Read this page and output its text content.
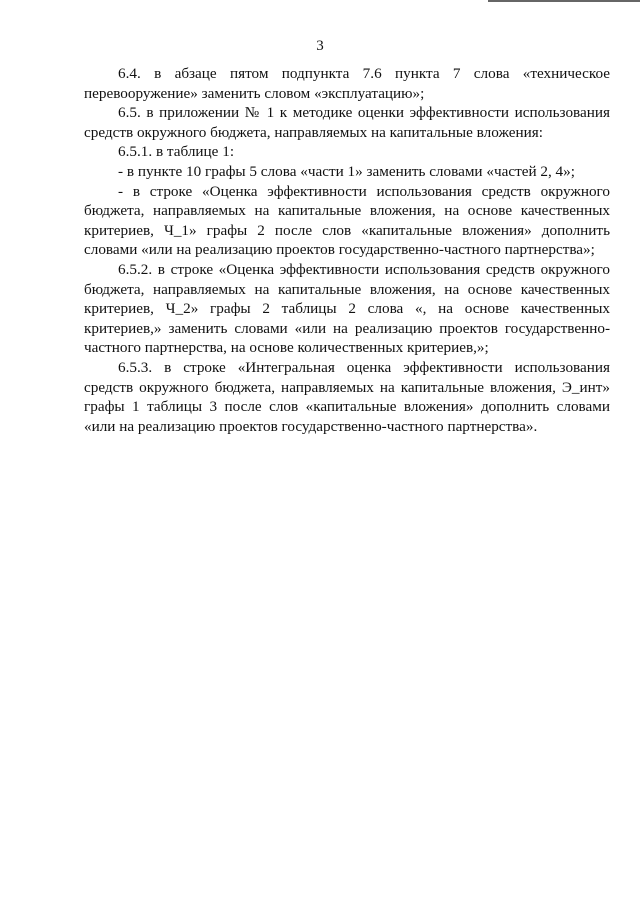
3

6.4. в абзаце пятом подпункта 7.6 пункта 7 слова «техническое перевооружение» заменить словом «эксплуатацию»;

6.5. в приложении № 1 к методике оценки эффективности использования средств окружного бюджета, направляемых на капитальные вложения:

6.5.1. в таблице 1:

- в пункте 10 графы 5 слова «части 1» заменить словами «частей 2, 4»;

- в строке «Оценка эффективности использования средств окружного бюджета, направляемых на капитальные вложения, на основе качественных критериев, Ч_1» графы 2 после слов «капитальные вложения» дополнить словами «или на реализацию проектов государственно-частного партнерства»;

6.5.2. в строке «Оценка эффективности использования средств окружного бюджета, направляемых на капитальные вложения, на основе качественных критериев, Ч_2» графы 2 таблицы 2 слова «, на основе качественных критериев,» заменить словами «или на реализацию проектов государственно-частного партнерства, на основе количественных критериев,»;

6.5.3. в строке «Интегральная оценка эффективности использования средств окружного бюджета, направляемых на капитальные вложения, Э_инт» графы 1 таблицы 3 после слов «капитальные вложения» дополнить словами «или на реализацию проектов государственно-частного партнерства».
